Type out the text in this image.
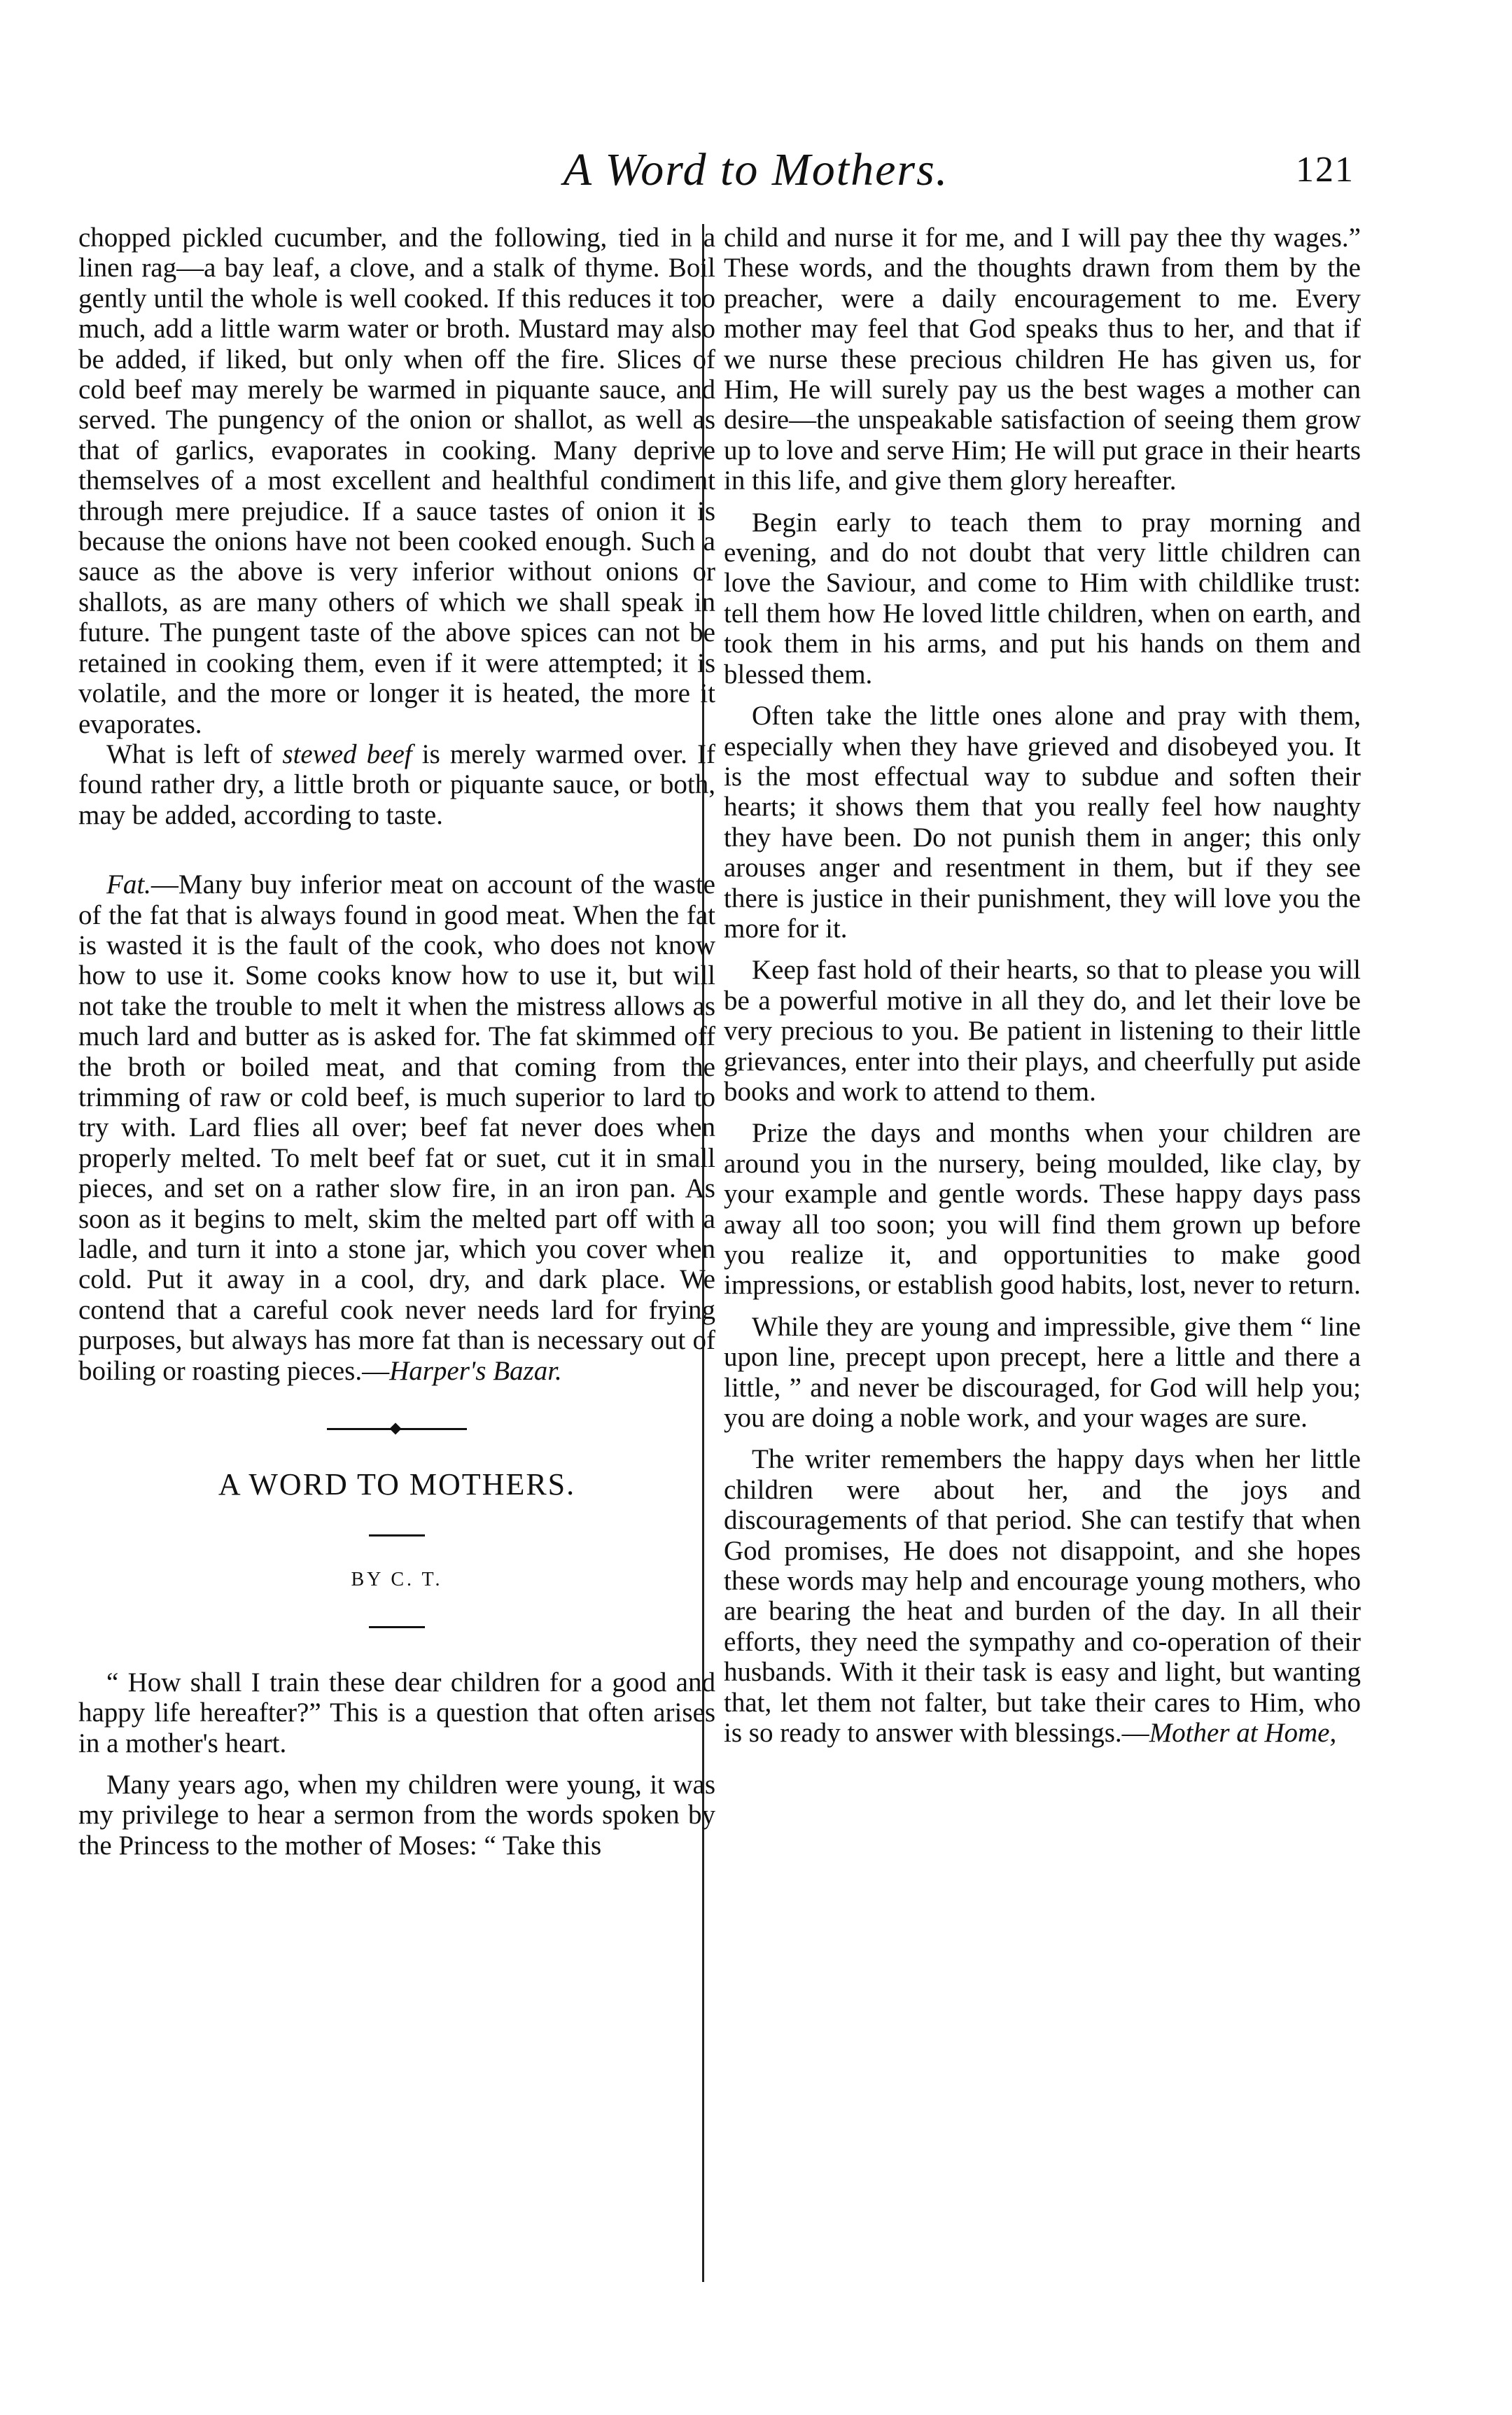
A Word to Mothers.	121

chopped pickled cucumber, and the following, tied in a linen rag—a bay leaf, a clove, and a stalk of thyme. Boil gently until the whole is well cooked. If this reduces it too much, add a little warm water or broth. Mustard may also be added, if liked, but only when off the fire. Slices of cold beef may merely be warmed in piquante sauce, and served. The pungency of the onion or shallot, as well as that of garlics, evaporates in cooking. Many deprive themselves of a most excellent and healthful condiment through mere prejudice. If a sauce tastes of onion it is because the onions have not been cooked enough. Such a sauce as the above is very inferior without onions or shallots, as are many others of which we shall speak in future. The pungent taste of the above spices can not be retained in cooking them, even if it were attempted; it is volatile, and the more or longer it is heated, the more it evaporates.

What is left of stewed beef is merely warmed over. If found rather dry, a little broth or piquante sauce, or both, may be added, according to taste.

Fat.—Many buy inferior meat on account of the waste of the fat that is always found in good meat. When the fat is wasted it is the fault of the cook, who does not know how to use it. Some cooks know how to use it, but will not take the trouble to melt it when the mistress allows as much lard and butter as is asked for. The fat skimmed off the broth or boiled meat, and that coming from the trimming of raw or cold beef, is much superior to lard to try with. Lard flies all over; beef fat never does when properly melted. To melt beef fat or suet, cut it in small pieces, and set on a rather slow fire, in an iron pan. As soon as it begins to melt, skim the melted part off with a ladle, and turn it into a stone jar, which you cover when cold. Put it away in a cool, dry, and dark place. We contend that a careful cook never needs lard for frying purposes, but always has more fat than is necessary out of boiling or roasting pieces.—Harper's Bazar.

A WORD TO MOTHERS.

BY C. T.

“ How shall I train these dear children for a good and happy life hereafter?” This is a question that often arises in a mother's heart.

Many years ago, when my children were young, it was my privilege to hear a sermon from the words spoken by the Princess to the mother of Moses: “ Take this

child and nurse it for me, and I will pay thee thy wages.” These words, and the thoughts drawn from them by the preacher, were a daily encouragement to me. Every mother may feel that God speaks thus to her, and that if we nurse these precious children He has given us, for Him, He will surely pay us the best wages a mother can desire—the unspeakable satisfaction of seeing them grow up to love and serve Him; He will put grace in their hearts in this life, and give them glory hereafter.

Begin early to teach them to pray morning and evening, and do not doubt that very little children can love the Saviour, and come to Him with childlike trust: tell them how He loved little children, when on earth, and took them in his arms, and put his hands on them and blessed them.

Often take the little ones alone and pray with them, especially when they have grieved and disobeyed you. It is the most effectual way to subdue and soften their hearts; it shows them that you really feel how naughty they have been. Do not punish them in anger; this only arouses anger and resentment in them, but if they see there is justice in their punishment, they will love you the more for it.

Keep fast hold of their hearts, so that to please you will be a powerful motive in all they do, and let their love be very precious to you. Be patient in listening to their little grievances, enter into their plays, and cheerfully put aside books and work to attend to them.

Prize the days and months when your children are around you in the nursery, being moulded, like clay, by your example and gentle words. These happy days pass away all too soon; you will find them grown up before you realize it, and opportunities to make good impressions, or establish good habits, lost, never to return.

While they are young and impressible, give them “ line upon line, precept upon precept, here a little and there a little, ” and never be discouraged, for God will help you; you are doing a noble work, and your wages are sure.

The writer remembers the happy days when her little children were about her, and the joys and discouragements of that period. She can testify that when God promises, He does not disappoint, and she hopes these words may help and encourage young mothers, who are bearing the heat and burden of the day. In all their efforts, they need the sympathy and co-operation of their husbands. With it their task is easy and light, but wanting that, let them not falter, but take their cares to Him, who is so ready to answer with blessings.—Mother at Home,
